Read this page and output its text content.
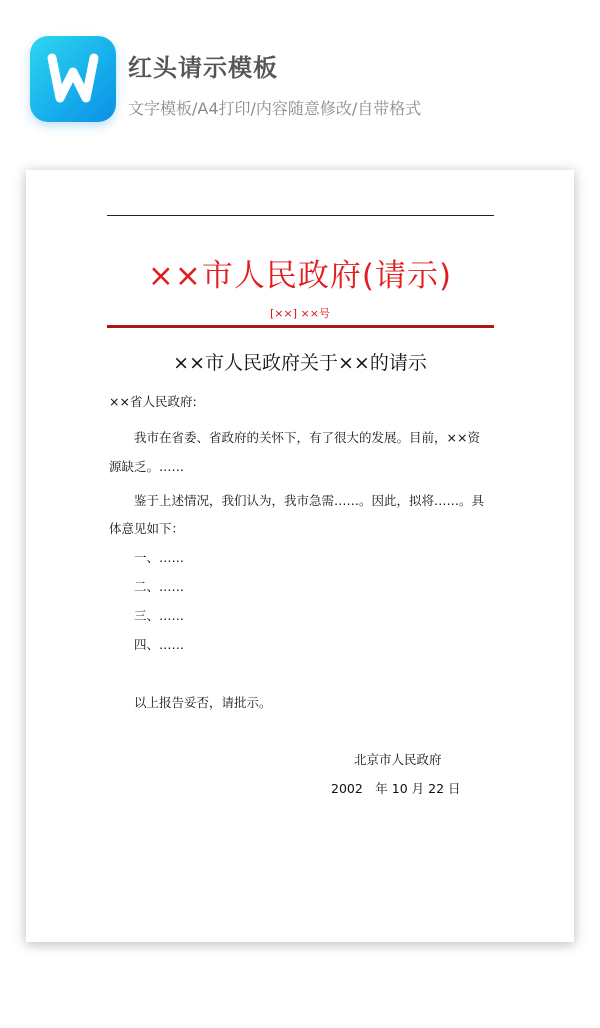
红头请示模板
文字模板/A4打印/内容随意修改/自带格式
××市人民政府(请示)
[××] ××号
××市人民政府关于××的请示
××省人民政府:
我市在省委、省政府的关怀下，有了很大的发展。目前，××资
源缺乏。……
鉴于上述情况，我们认为，我市急需……。因此，拟将……。具
体意见如下：
一、……
二、……
三、……
四、……
以上报告妥否，请批示。
北京市人民政府
2002　年 10 月 22 日
